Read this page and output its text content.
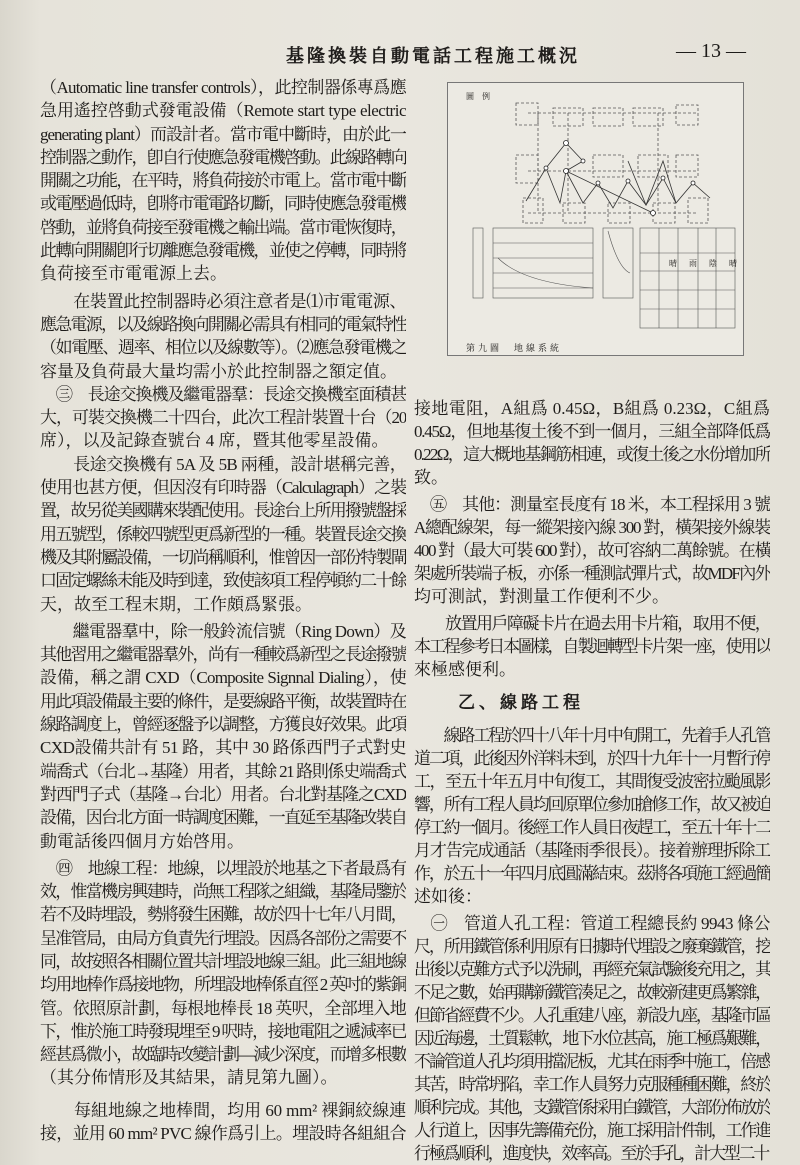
基隆換裝自動電話工程施工概況	— 13 —
圖　例
晴 雨 陰 晴
第九圖　地線系統
（Automatic line transfer controls），此控制器係專爲應
急用遙控啓動式發電設備（Remote start type electric
generating plant）而設計者。當市電中斷時，由於此一
控制器之動作，卽自行使應急發電機啓動。此線路轉向
開關之功能，在平時，將負荷接於市電上。當市電中斷
或電壓過低時，卽將市電電路切斷，同時使應急發電機
啓動，並將負荷接至發電機之輸出端。當市電恢復時，
此轉向開關卽行切離應急發電機，並使之停轉，同時將
負荷接至市電電源上去。
　　在裝置此控制器時必須注意者是⑴市電電源、
應急電源，以及線路換向開關必需具有相同的電氣特性
（如電壓、週率、相位以及線數等）。⑵應急發電機之
容量及負荷最大量均需小於此控制器之額定值。
　㊂　長途交換機及繼電器羣：長途交換機室面積甚
大，可裝交換機二十四台，此次工程計裝置十台（20
席），以及記錄查號台 4 席，暨其他零星設備。
　　長途交換機有 5A 及 5B 兩種，設計堪稱完善，
使用也甚方便，但因沒有印時器（Calculagraph）之裝
置，故另從美國購來裝配使用。長途台上所用撥號盤採
用五號型，係較四號型更爲新型的一種。裝置長途交換
機及其附屬設備，一切尚稱順利，惟曾因一部份特製閘
口固定螺絲未能及時到達，致使該項工程停頓約二十餘
天，故至工程末期，工作頗爲緊張。
　　繼電器羣中，除一般鈴流信號（Ring Down）及
其他習用之繼電器羣外，尚有一種較爲新型之長途撥號
設備，稱之謂 CXD（Composite Signnal Dialing），使
用此項設備最主要的條件，是要線路平衡，故裝置時在
線路調度上，曾經逐盤予以調整，方獲良好效果。此項
CXD設備共計有 51 路，其中 30 路係西門子式對史
端喬式（台北→基隆）用者，其餘 21 路則係史端喬式
對西門子式（基隆→台北）用者。台北對基隆之CXD
設備，因台北方面一時調度困難，一直延至基隆改裝自
動電話後四個月方始啓用。
　㊃　地線工程：地線，以埋設於地基之下者最爲有
效，惟當機房興建時，尚無工程隊之組織，基隆局鑒於
若不及時埋設，勢將發生困難，故於四十七年八月間，
呈准管局，由局方負責先行埋設。因爲各部份之需要不
同，故按照各相關位置共計埋設地線三組。此三組地線
均用地棒作爲接地物，所埋設地棒係直徑 2 英吋的紫銅
管。依照原計劃，每根地棒長 18 英呎，全部埋入地
下，惟於施工時發現埋至 9 呎時，接地電阻之遞減率已
經甚爲微小，故臨時改變計劃—減少深度，而增多根數
（其分佈情形及其結果，請見第九圖）。
　　每組地線之地棒間，均用 60 mm² 裸銅絞線連
接，並用 60 mm² PVC 線作爲引上。埋設時各組組合
接地電阻，A組爲 0.45Ω，B組爲 0.23Ω，C組爲
0.45Ω，但地基復土後不到一個月，三組全部降低爲
0.22Ω，這大概地基鋼筋相連，或復土後之水份增加所
致。
　㊄　其他：測量室長度有 18 米，本工程採用 3 號
A總配線架，每一縱架接內線 300 對，橫架接外線裝
400 對（最大可裝 600 對），故可容納二萬餘號。在橫
架處所裝端子板，亦係一種測試彈片式，故MDF內外
均可測試，對測量工作便利不少。
　　放置用戶障礙卡片在過去用卡片箱，取用不便，
本工程參考日本圖樣，自製迴轉型卡片架一座，使用以
來極感便利。
乙、線路工程
　　線路工程於四十八年十月中旬開工，先着手人孔管
道二項，此後因外洋料未到，於四十九年十一月暫行停
工，至五十年五月中旬復工，其間復受波密拉颱風影
響，所有工程人員均回原單位參加搶修工作，故又被迫
停工約一個月。後經工作人員日夜趕工，至五十年十二
月才告完成通話（基隆雨季很長）。接着辦理拆除工
作，於五十一年四月底圓滿結束。茲將各項施工經過簡
述如後：
　㊀　管道人孔工程：管道工程總長約 9943 條公
尺，所用鐵管係利用原有日據時代埋設之廢棄鐵管，挖
出後以克難方式予以洗刷，再經充氣試驗後充用之，其
不足之數，始再購新鐵管湊足之，故較新建更爲繁雜，
但節省經費不少。人孔重建八座，新設九座，基隆市區
因近海邊，土質鬆軟，地下水位甚高，施工極爲艱難，
不論管道人孔均須用擋泥板，尤其在雨季中施工，倍感
其苦，時常坍陷，幸工作人員努力克服種種困難，終於
順利完成。其他，支鐵管係採用白鐵管，大部份佈放於
人行道上，因事先籌備充份，施工採用計件制，工作進
行極爲順利，進度快，效率高。至於手孔，計大型二十
